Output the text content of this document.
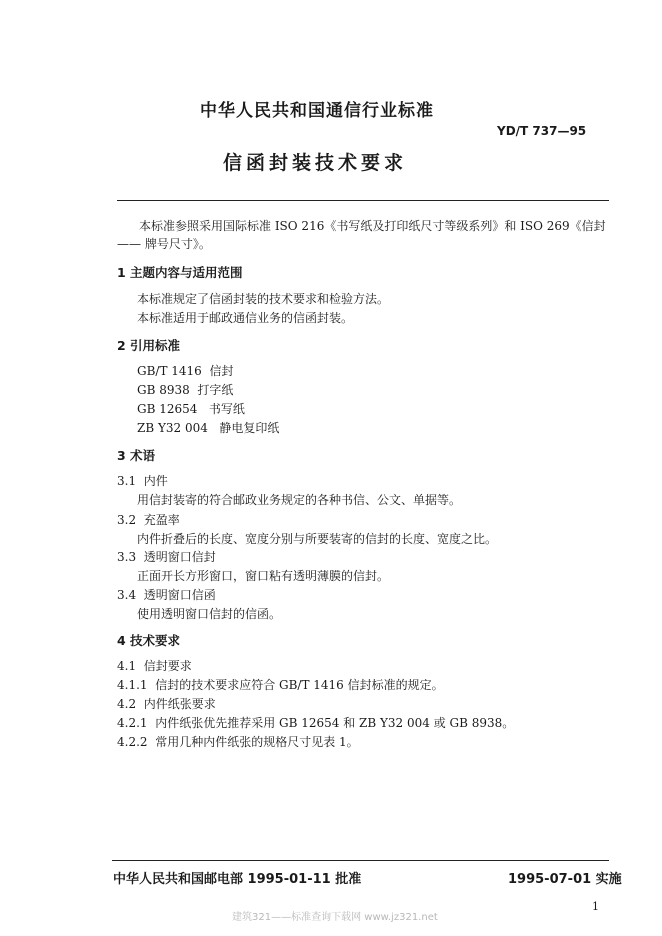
中华人民共和国通信行业标准
YD/T 737—95
信函封装技术要求
本标准参照采用国际标准 ISO 216《书写纸及打印纸尺寸等级系列》和 ISO 269《信封—— 牌号尺寸》。
1 主题内容与适用范围
本标准规定了信函封装的技术要求和检验方法。
本标准适用于邮政通信业务的信函封装。
2 引用标准
GB/T 1416 信封
GB 8938 打字纸
GB 12654 书写纸
ZB Y32 004 静电复印纸
3 术语
3.1 内件
用信封装寄的符合邮政业务规定的各种书信、公文、单据等。
3.2 充盈率
内件折叠后的长度、宽度分别与所要装寄的信封的长度、宽度之比。
3.3 透明窗口信封
正面开长方形窗口，窗口粘有透明薄膜的信封。
3.4 透明窗口信函
使用透明窗口信封的信函。
4 技术要求
4.1 信封要求
4.1.1 信封的技术要求应符合 GB/T 1416 信封标准的规定。
4.2 内件纸张要求
4.2.1 内件纸张优先推荐采用 GB 12654 和 ZB Y32 004 或 GB 8938。
4.2.2 常用几种内件纸张的规格尺寸见表 1。
中华人民共和国邮电部 1995-01-11 批准	1995-07-01 实施
1
建筑321——标准查询下载网 www.jz321.net
